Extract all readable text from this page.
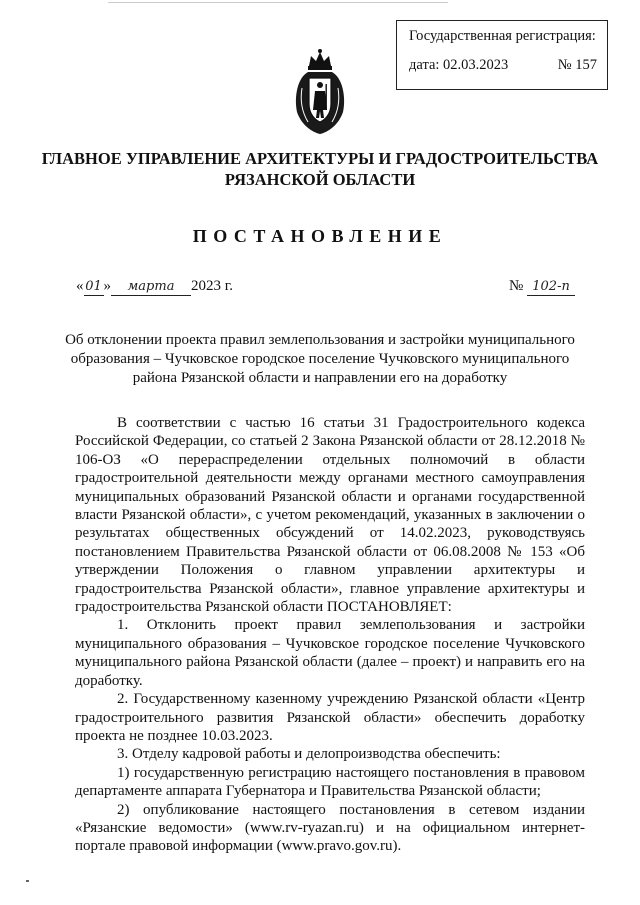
Государственная регистрация:
дата: 02.03.2023	№ 157
ГЛАВНОЕ УПРАВЛЕНИЕ АРХИТЕКТУРЫ И ГРАДОСТРОИТЕЛЬСТВА
РЯЗАНСКОЙ ОБЛАСТИ
ПОСТАНОВЛЕНИЕ
« 01 » марта 2023 г.	№ 102-п
Об отклонении проекта правил землепользования и застройки муниципального образования – Чучковское городское поселение Чучковского муниципального района Рязанской области и направлении его на доработку

В соответствии с частью 16 статьи 31 Градостроительного кодекса Российской Федерации, со статьей 2 Закона Рязанской области от 28.12.2018 № 106-ОЗ «О перераспределении отдельных полномочий в области градостроительной деятельности между органами местного самоуправления муниципальных образований Рязанской области и органами государственной власти Рязанской области», с учетом рекомендаций, указанных в заключении о результатах общественных обсуждений от 14.02.2023, руководствуясь постановлением Правительства Рязанской области от 06.08.2008 № 153 «Об утверждении Положения о главном управлении архитектуры и градостроительства Рязанской области», главное управление архитектуры и градостроительства Рязанской области ПОСТАНОВЛЯЕТ:

1. Отклонить проект правил землепользования и застройки муниципального образования – Чучковское городское поселение Чучковского муниципального района Рязанской области (далее – проект) и направить его на доработку.

2. Государственному казенному учреждению Рязанской области «Центр градостроительного развития Рязанской области» обеспечить доработку проекта не позднее 10.03.2023.

3. Отделу кадровой работы и делопроизводства обеспечить:

1) государственную регистрацию настоящего постановления в правовом департаменте аппарата Губернатора и Правительства Рязанской области;

2) опубликование настоящего постановления в сетевом издании «Рязанские ведомости» (www.rv-ryazan.ru) и на официальном интернет-портале правовой информации (www.pravo.gov.ru).
